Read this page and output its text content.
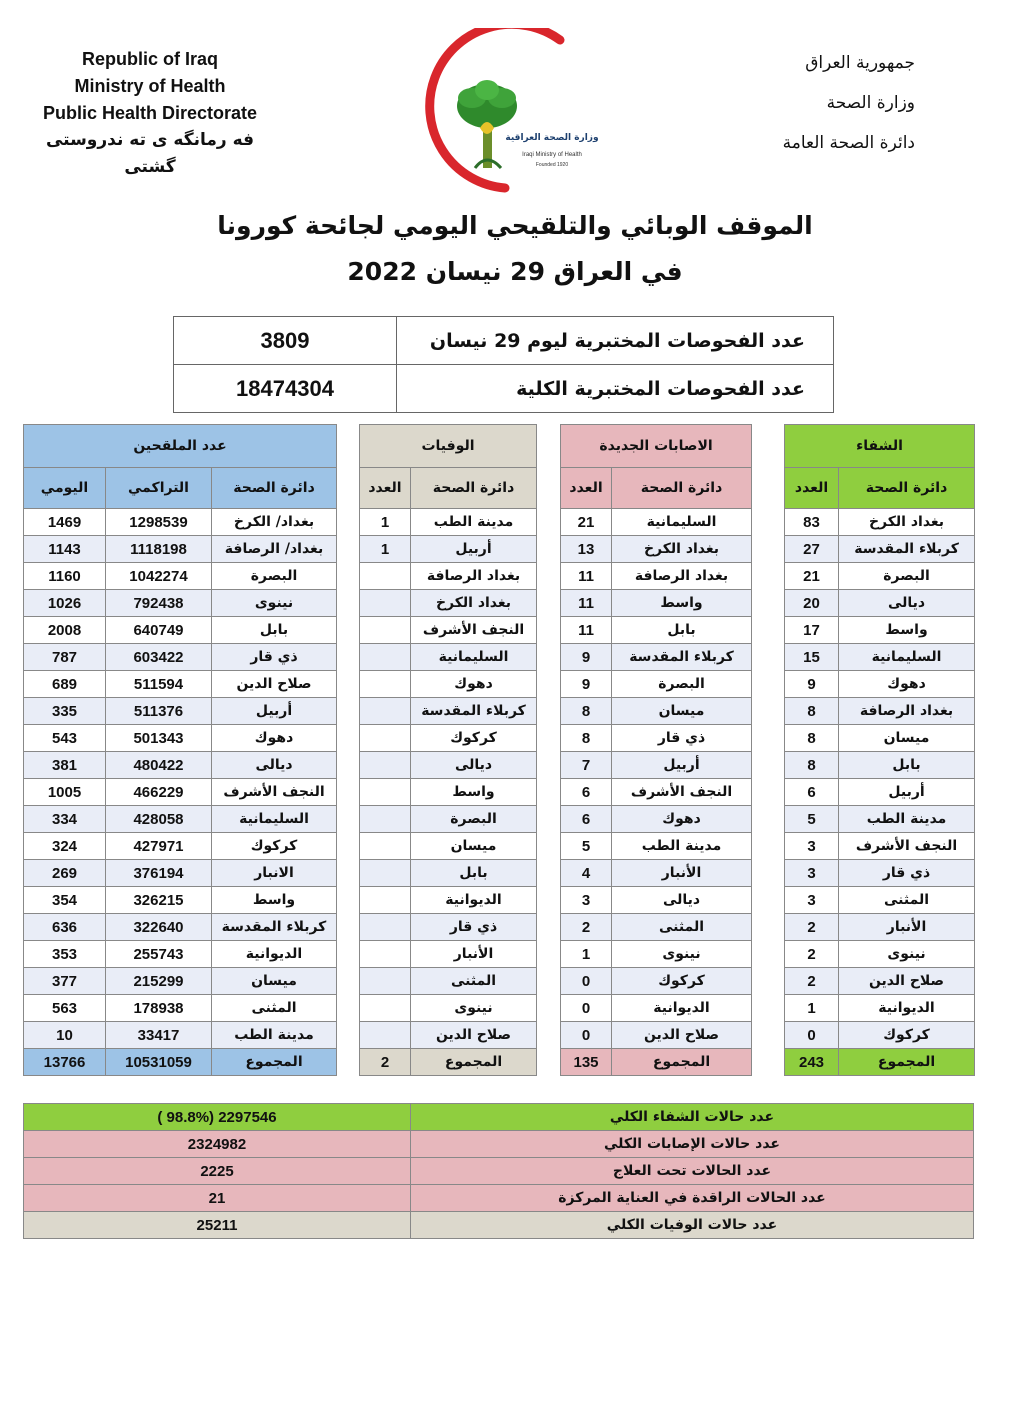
Republic of Iraq
Ministry of Health
Public Health Directorate
فه رمانگه ى ته ندروستى گشتى
وزارة الصحة العراقية
Iraqi Ministry of Health
Founded 1920
جمهورية العراق
وزارة الصحة
دائرة الصحة العامة
الموقف الوبائي والتلقيحي اليومي لجائحة كورونا
في العراق 29 نيسان 2022
3809	عدد الفحوصات المختبرية ليوم 29 نيسان
18474304	عدد الفحوصات المختبرية الكلية
عدد الملقحين				الوفيات			الاصابات الجديدة			الشفاء	
اليومي	التراكمي	دائرة الصحة		العدد	دائرة الصحة		العدد	دائرة الصحة		العدد	دائرة الصحة
1469	1298539	بغداد/ الكرخ		1	مدينة الطب		21	السليمانية		83	بغداد الكرخ
1143	1118198	بغداد/ الرصافة		1	أربيل		13	بغداد الكرخ		27	كربلاء المقدسة
1160	1042274	البصرة			بغداد الرصافة		11	بغداد الرصافة		21	البصرة
1026	792438	نينوى			بغداد الكرخ		11	واسط		20	ديالى
2008	640749	بابل			النجف الأشرف		11	بابل		17	واسط
787	603422	ذي قار			السليمانية		9	كربلاء المقدسة		15	السليمانية
689	511594	صلاح الدين			دهوك		9	البصرة		9	دهوك
335	511376	أربيل			كربلاء المقدسة		8	ميسان		8	بغداد الرصافة
543	501343	دهوك			كركوك		8	ذي قار		8	ميسان
381	480422	ديالى			ديالى		7	أربيل		8	بابل
1005	466229	النجف الأشرف			واسط		6	النجف الأشرف		6	أربيل
334	428058	السليمانية			البصرة		6	دهوك		5	مدينة الطب
324	427971	كركوك			ميسان		5	مدينة الطب		3	النجف الأشرف
269	376194	الانبار			بابل		4	الأنبار		3	ذي قار
354	326215	واسط			الديوانية		3	ديالى		3	المثنى
636	322640	كربلاء المقدسة			ذي قار		2	المثنى		2	الأنبار
353	255743	الديوانية			الأنبار		1	نينوى		2	نينوى
377	215299	ميسان			المثنى		0	كركوك		2	صلاح الدين
563	178938	المثنى			نينوى		0	الديوانية		1	الديوانية
10	33417	مدينة الطب			صلاح الدين		0	صلاح الدين		0	كركوك
13766	10531059	المجموع		2	المجموع		135	المجموع		243	المجموع
( 98.8%) 2297546	عدد حالات الشفاء الكلي
2324982	عدد حالات الإصابات الكلي
2225	عدد الحالات تحت العلاج
21	عدد الحالات الراقدة في العناية المركزة
25211	عدد حالات الوفيات الكلي
